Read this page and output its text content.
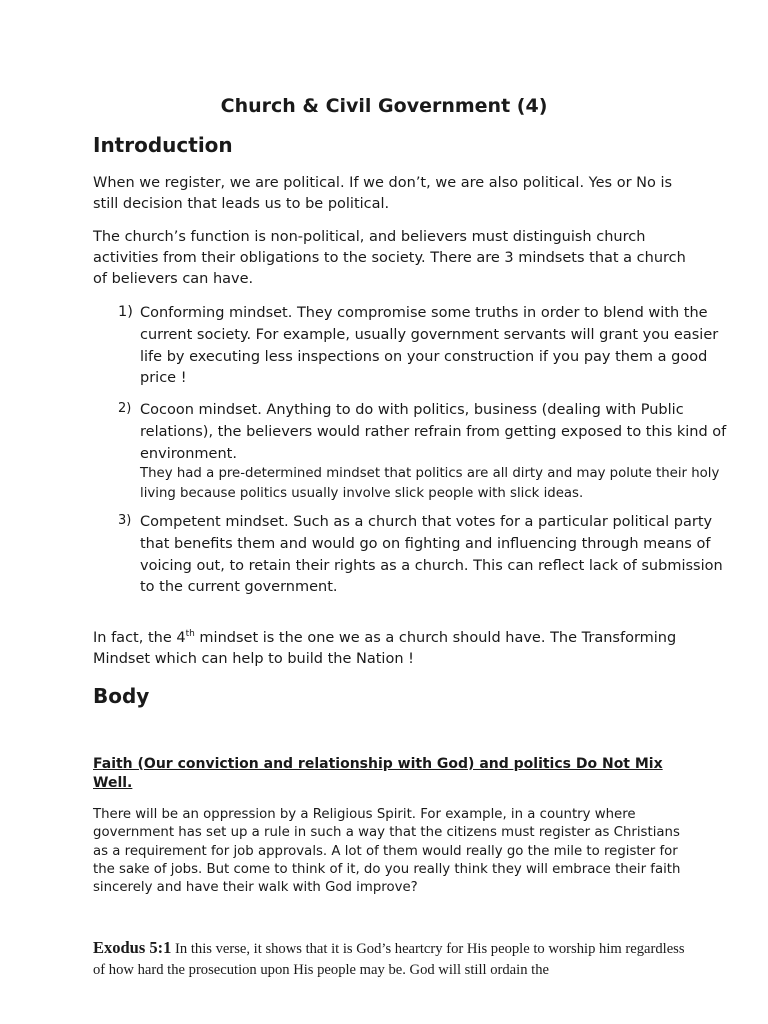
Church & Civil Government (4)
Introduction

When we register, we are political. If we don’t, we are also political. Yes or No is still decision that leads us to be political.

The church’s function is non-political, and believers must distinguish church activities from their obligations to the society. There are 3 mindsets that a church of believers can have.

1) Conforming mindset. They compromise some truths in order to blend with the current society. For example, usually government servants will grant you easier life by executing less inspections on your construction if you pay them a good price !
2) Cocoon mindset. Anything to do with politics, business (dealing with Public relations), the believers would rather refrain from getting exposed to this kind of environment.
They had a pre-determined mindset that politics are all dirty and may polute their holy living because politics usually involve slick people with slick ideas.
3) Competent mindset. Such as a church that votes for a particular political party that benefits them and would go on fighting and influencing through means of voicing out, to retain their rights as a church. This can reflect lack of submission to the current government.

In fact, the 4th mindset is the one we as a church should have. The Transforming Mindset which can help to build the Nation !

Body

Faith (Our conviction and relationship with God) and politics Do Not Mix Well.

There will be an oppression by a Religious Spirit. For example, in a country where government has set up a rule in such a way that the citizens must register as Christians as a requirement for job approvals. A lot of them would really go the mile to register for the sake of jobs. But come to think of it, do you really think they will embrace their faith sincerely and have their walk with God improve?

Exodus 5:1 In this verse, it shows that it is God’s heartcry for His people to worship him regardless of how hard the prosecution upon His people may be. God will still ordain the
